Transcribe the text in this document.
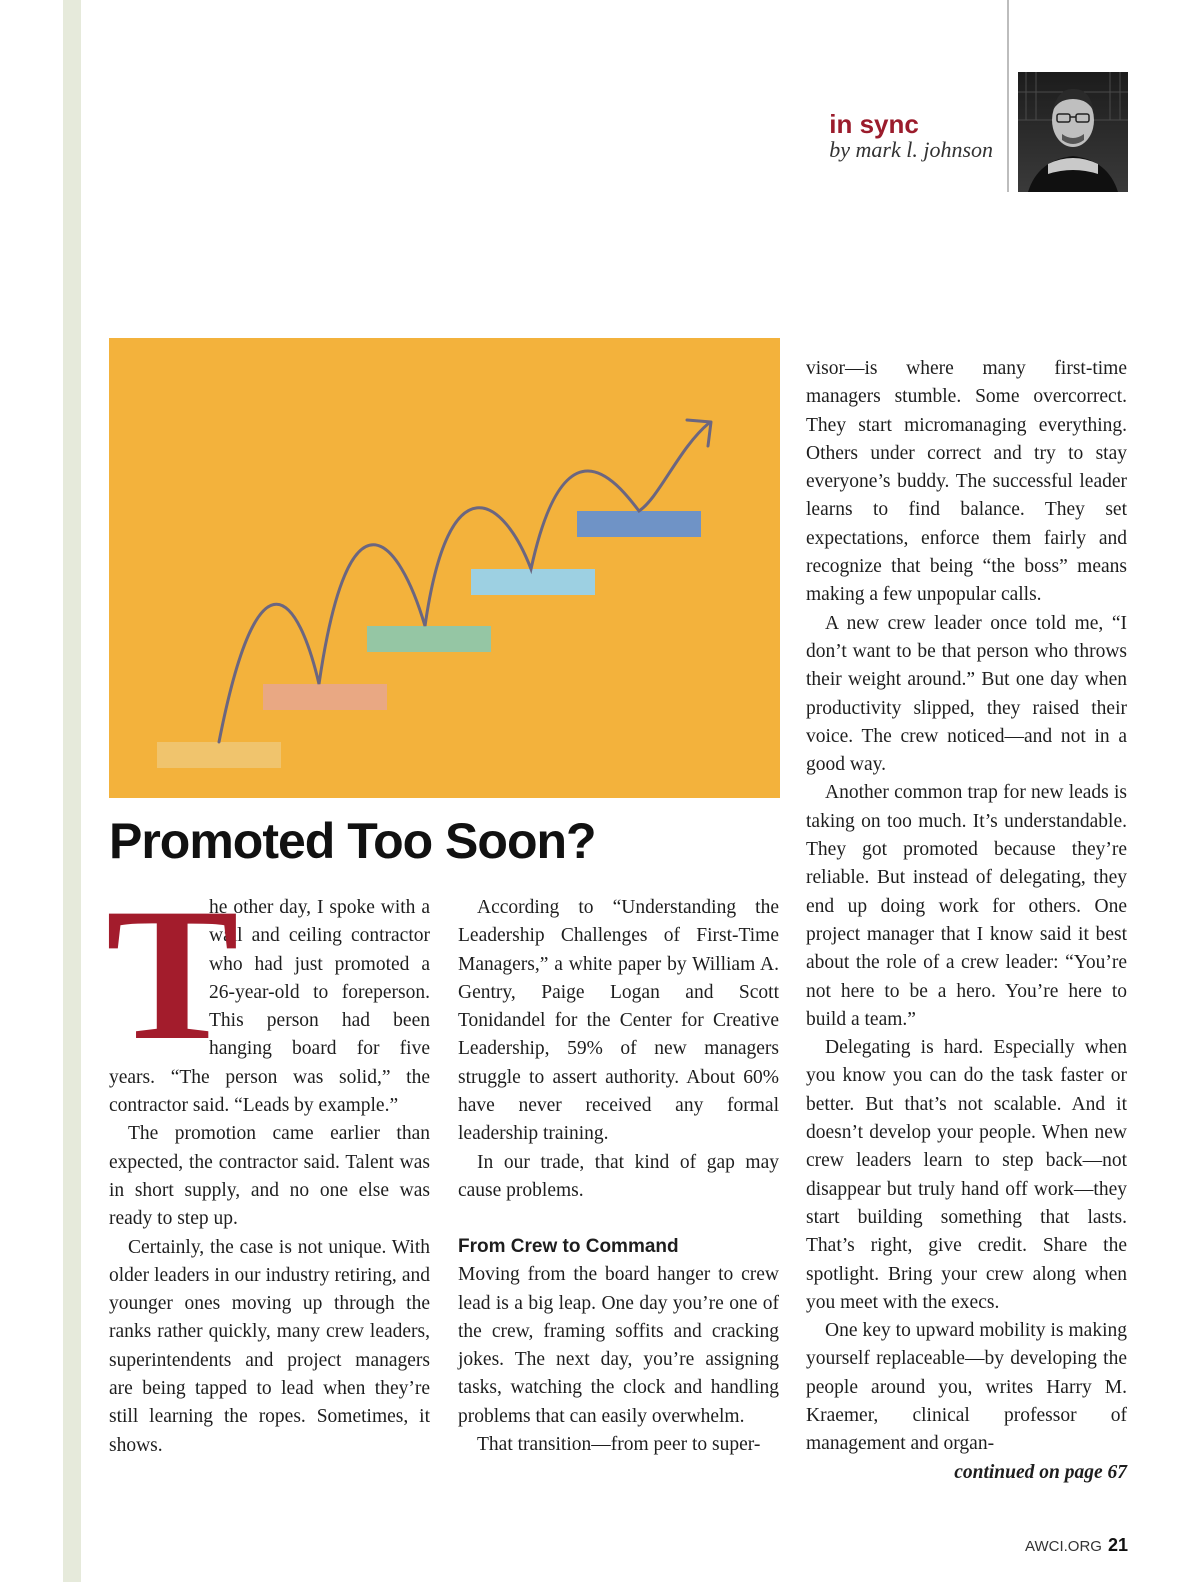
in sync
by mark l. johnson
Promoted Too Soon?
T

he other day, I spoke with a wall and ceiling contractor who had just promoted a 26-year-old to foreperson. This person had been hanging board for five years. “The person was solid,” the contractor said. “Leads by example.”

The promotion came earlier than expected, the contractor said. Talent was in short supply, and no one else was ready to step up.

Certainly, the case is not unique. With older leaders in our industry retiring, and younger ones moving up through the ranks rather quickly, many crew leaders, superintendents and project managers are being tapped to lead when they’re still learning the ropes. Sometimes, it shows.

According to “Understanding the Leadership Challenges of First-Time Managers,” a white paper by William A. Gentry, Paige Logan and Scott Tonidandel for the Center for Creative Leadership, 59% of new managers struggle to assert authority. About 60% have never received any formal leadership training.

In our trade, that kind of gap may cause problems.

From Crew to Command

Moving from the board hanger to crew lead is a big leap. One day you’re one of the crew, framing soffits and cracking jokes. The next day, you’re assigning tasks, watching the clock and handling problems that can easily overwhelm.

That transition—from peer to super-

visor—is where many first-time managers stumble. Some overcorrect. They start micromanaging everything. Others under correct and try to stay everyone’s buddy. The successful leader learns to find balance. They set expectations, enforce them fairly and recognize that being “the boss” means making a few unpopular calls.

A new crew leader once told me, “I don’t want to be that person who throws their weight around.” But one day when productivity slipped, they raised their voice. The crew noticed—and not in a good way.

Another common trap for new leads is taking on too much. It’s understandable. They got promoted because they’re reliable. But instead of delegating, they end up doing work for others. One project manager that I know said it best about the role of a crew leader: “You’re not here to be a hero. You’re here to build a team.”

Delegating is hard. Especially when you know you can do the task faster or better. But that’s not scalable. And it doesn’t develop your people. When new crew leaders learn to step back—not disappear but truly hand off work—they start building something that lasts. That’s right, give credit. Share the spotlight. Bring your crew along when you meet with the execs.

One key to upward mobility is making yourself replaceable—by developing the people around you, writes Harry M. Kraemer, clinical professor of management and organ-

continued on page 67

AWCI.ORG 21
